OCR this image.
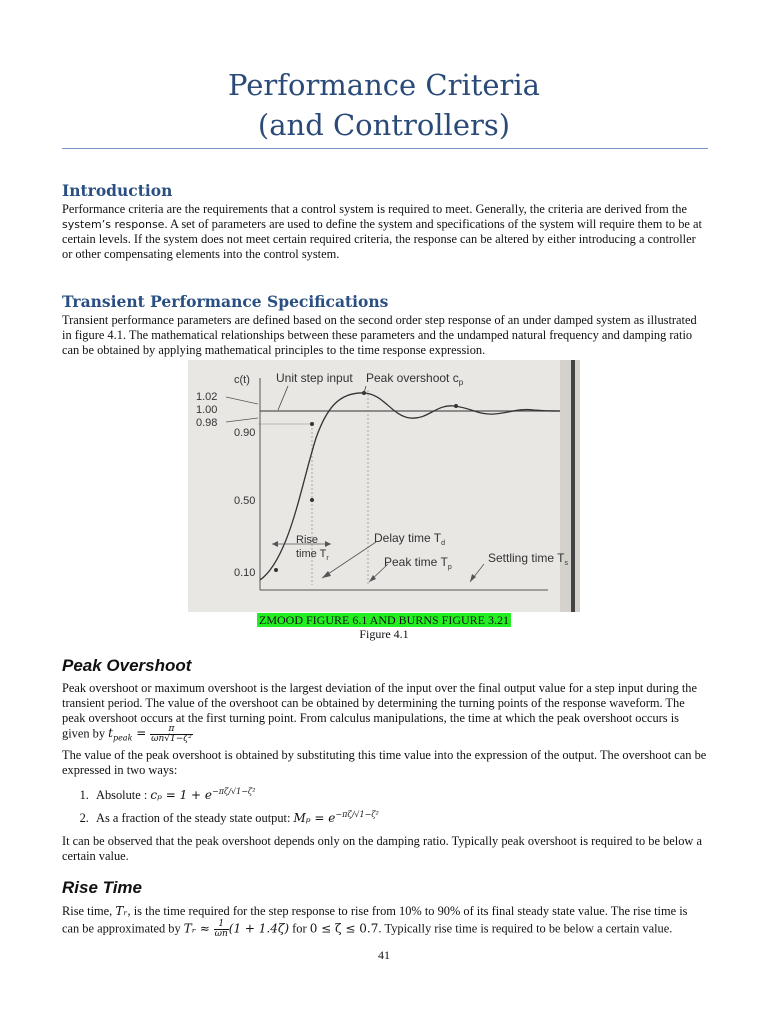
Performance Criteria
(and Controllers)
Introduction

Performance criteria are the requirements that a control system is required to meet. Generally, the criteria are derived from the system’s response. A set of parameters are used to define the system and specifications of the system will require them to be at certain levels. If the system does not meet certain required criteria, the response can be altered by either introducing a controller or other compensating elements into the control system.

Transient Performance Specifications

Transient performance parameters are defined based on the second order step response of an under damped system as illustrated in figure 4.1. The mathematical relationships between these parameters and the undamped natural frequency and damping ratio can be obtained by applying mathematical principles to the time response expression.

c(t) Unit step input Peak overshoot $c_p$
1.02
1.00
0.98
0.90
0.50
0.10
Rise
time $T_r$
Delay time $T_d$
Peak time $T_p$
Settling time $T_s$
ZMOOD FIGURE 6.1 AND BURNS FIGURE 3.21
Figure 4.1
Peak Overshoot

Peak overshoot or maximum overshoot is the largest deviation of the input over the final output value for a step input during the transient period. The value of the overshoot can be obtained by determining the turning points of the response waveform. The peak overshoot occurs at the first turning point. From calculus manipulations, the time at which the peak overshoot occurs is

given by $t_{peak} = \frac{\pi}{\text{ωn√1−ζ²}}$

The value of the peak overshoot is obtained by substituting this time value into the expression of the output. The overshoot can be expressed in two ways:

1. Absolute : $c_p = 1 + e^{-\pi\zeta/√1-\zeta^2}$
2. As a fraction of the steady state output: $M_p = e^{-\pi\zeta/√1-\zeta^2}$

It can be observed that the peak overshoot depends only on the damping ratio. Typically peak overshoot is required to be below a certain value.

Rise Time

Rise time, Tᵣ, is the time required for the step response to rise from 10% to 90% of its final steady state value. The rise time is

can be approximated by Tᵣ ≈ $\frac{1}{\omega n} (1 + 1.4\zeta)$ for 0 ≤ ζ ≤ 0.7. Typically rise time is required to be below a certain value.
41
